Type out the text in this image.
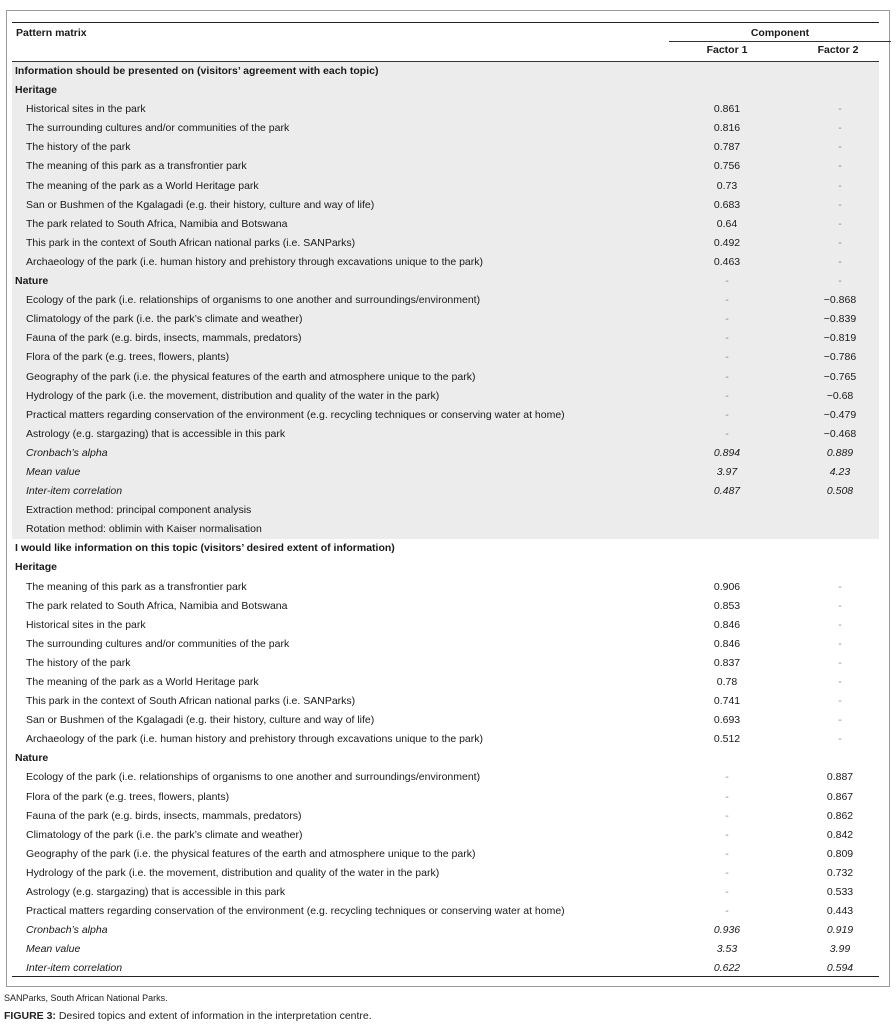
Pattern matrix	Component
Factor 1	Factor 2
Information should be presented on (visitors’ agreement with each topic)
Heritage
Historical sites in the park	0.861	-
The surrounding cultures and/or communities of the park	0.816	-
The history of the park	0.787	-
The meaning of this park as a transfrontier park	0.756	-
The meaning of the park as a World Heritage park	0.73	-
San or Bushmen of the Kgalagadi (e.g. their history, culture and way of life)	0.683	-
The park related to South Africa, Namibia and Botswana	0.64	-
This park in the context of South African national parks (i.e. SANParks)	0.492	-
Archaeology of the park (i.e. human history and prehistory through excavations unique to the park)	0.463	-
Nature	-	-
Ecology of the park (i.e. relationships of organisms to one another and surroundings/environment)	-	−0.868
Climatology of the park (i.e. the park’s climate and weather)	-	−0.839
Fauna of the park (e.g. birds, insects, mammals, predators)	-	−0.819
Flora of the park (e.g. trees, flowers, plants)	-	−0.786
Geography of the park (i.e. the physical features of the earth and atmosphere unique to the park)	-	−0.765
Hydrology of the park (i.e. the movement, distribution and quality of the water in the park)	-	−0.68
Practical matters regarding conservation of the environment (e.g. recycling techniques or conserving water at home)	-	−0.479
Astrology (e.g. stargazing) that is accessible in this park	-	−0.468
Cronbach’s alpha	0.894	0.889
Mean value	3.97	4.23
Inter-item correlation	0.487	0.508
Extraction method: principal component analysis
Rotation method: oblimin with Kaiser normalisation
I would like information on this topic (visitors’ desired extent of information)
Heritage
The meaning of this park as a transfrontier park	0.906	-
The park related to South Africa, Namibia and Botswana	0.853	-
Historical sites in the park	0.846	-
The surrounding cultures and/or communities of the park	0.846	-
The history of the park	0.837	-
The meaning of the park as a World Heritage park	0.78	-
This park in the context of South African national parks (i.e. SANParks)	0.741	-
San or Bushmen of the Kgalagadi (e.g. their history, culture and way of life)	0.693	-
Archaeology of the park (i.e. human history and prehistory through excavations unique to the park)	0.512	-
Nature
Ecology of the park (i.e. relationships of organisms to one another and surroundings/environment)	-	0.887
Flora of the park (e.g. trees, flowers, plants)	-	0.867
Fauna of the park (e.g. birds, insects, mammals, predators)	-	0.862
Climatology of the park (i.e. the park’s climate and weather)	-	0.842
Geography of the park (i.e. the physical features of the earth and atmosphere unique to the park)	-	0.809
Hydrology of the park (i.e. the movement, distribution and quality of the water in the park)	-	0.732
Astrology (e.g. stargazing) that is accessible in this park	-	0.533
Practical matters regarding conservation of the environment (e.g. recycling techniques or conserving water at home)	-	0.443
Cronbach’s alpha	0.936	0.919
Mean value	3.53	3.99
Inter-item correlation	0.622	0.594
SANParks, South African National Parks.
FIGURE 3: Desired topics and extent of information in the interpretation centre.
